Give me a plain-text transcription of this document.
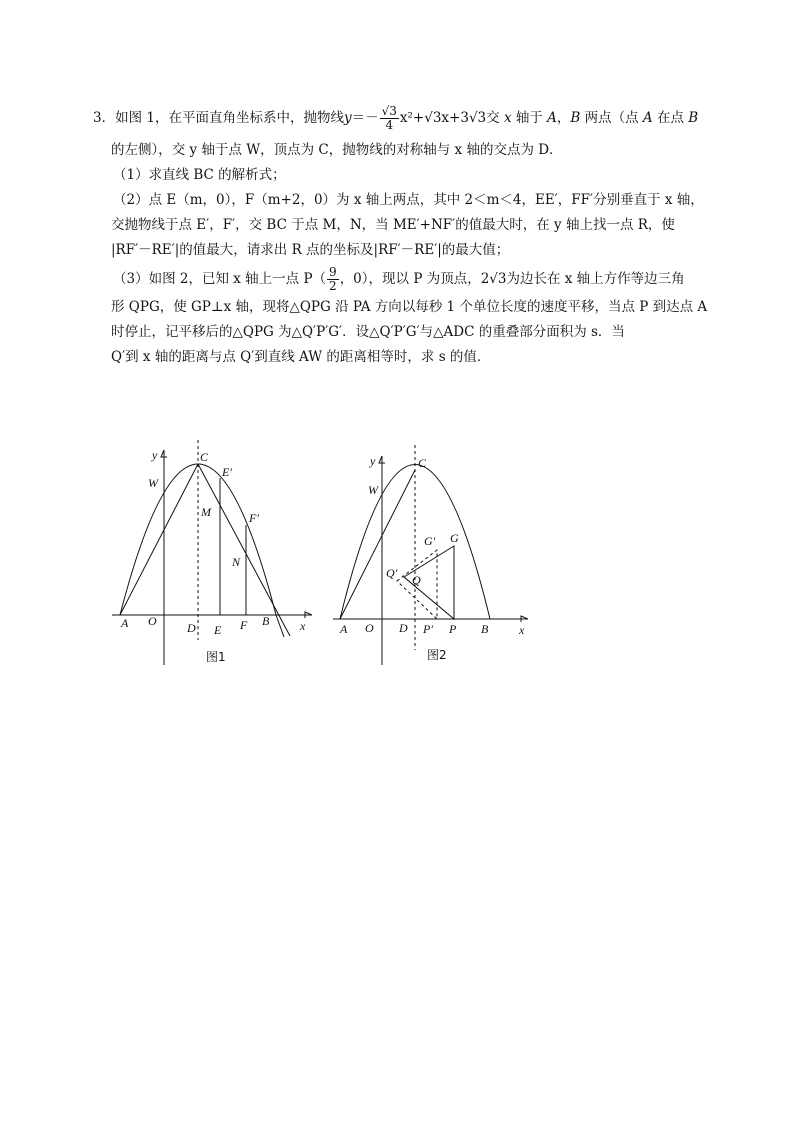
3．如图 1，在平面直角坐标系中，抛物线$y=- \frac{√3}{4} x^2+√3x+3√3$交 x 轴于 A，B 两点（点 A 在点 B
的左侧），交 y 轴于点 W，顶点为 C，抛物线的对称轴与 x 轴的交点为 D．
（1）求直线 BC 的解析式；
（2）点 E（m，0），F（m+2，0）为 x 轴上两点，其中 2＜m＜4，EE′，FF′分别垂直于 x 轴，
交抛物线于点 E′，F′，交 BC 于点 M，N，当 ME′+NF′的值最大时，在 y 轴上找一点 R，使
|RF′－RE′|的值最大，请求出 R 点的坐标及|RF′－RE′|的最大值；
（3）如图 2，已知 x 轴上一点 $P( \frac{9}{2}$ ，0），现以 P 为顶点，2√3为边长在 x 轴上方作等边三角
形 QPG，使 GP⊥x 轴，现将△QPG 沿 PA 方向以每秒 1 个单位长度的速度平移，当点 P 到达点 A
时停止，记平移后的△QPG 为△Q′P′G′．设△Q′P′G′与△ADC 的重叠部分面积为 s．当
Q′到 x 轴的距离与点 Q′到直线 AW 的距离相等时，求 s 的值．
y
x
C
W
E′
M	F′
N
A O	D E F B
图1
y
x
C
W
G′ G
Q′ Q
A O D P′ P B
图2
